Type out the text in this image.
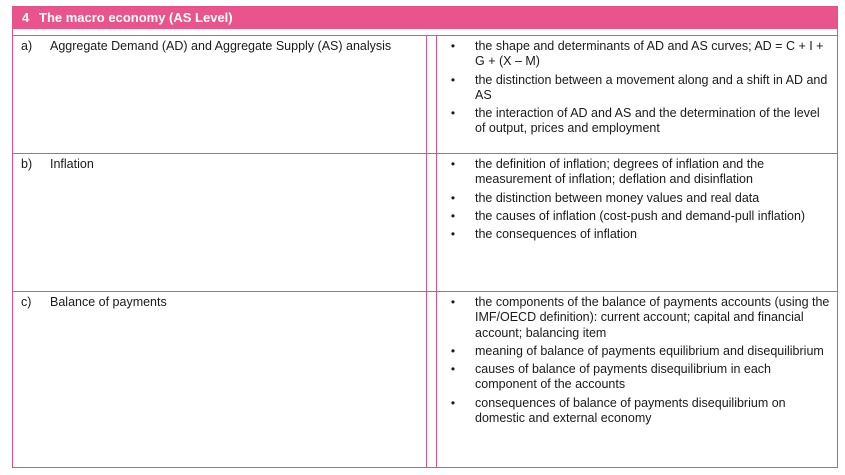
4 The macro economy (AS Level)
a) Aggregate Demand (AD) and Aggregate Supply (AS) analysis	• the shape and determinants of AD and AS curves; AD = C + I + G + (X – M)
• the distinction between a movement along and a shift in AD and AS
• the interaction of AD and AS and the determination of the level of output, prices and employment
b) Inflation	• the definition of inflation; degrees of inflation and the measurement of inflation; deflation and disinflation
• the distinction between money values and real data
• the causes of inflation (cost-push and demand-pull inflation)
• the consequences of inflation
c) Balance of payments	• the components of the balance of payments accounts (using the IMF/OECD definition): current account; capital and financial account; balancing item
• meaning of balance of payments equilibrium and disequilibrium
• causes of balance of payments disequilibrium in each component of the accounts
• consequences of balance of payments disequilibrium on domestic and external economy
